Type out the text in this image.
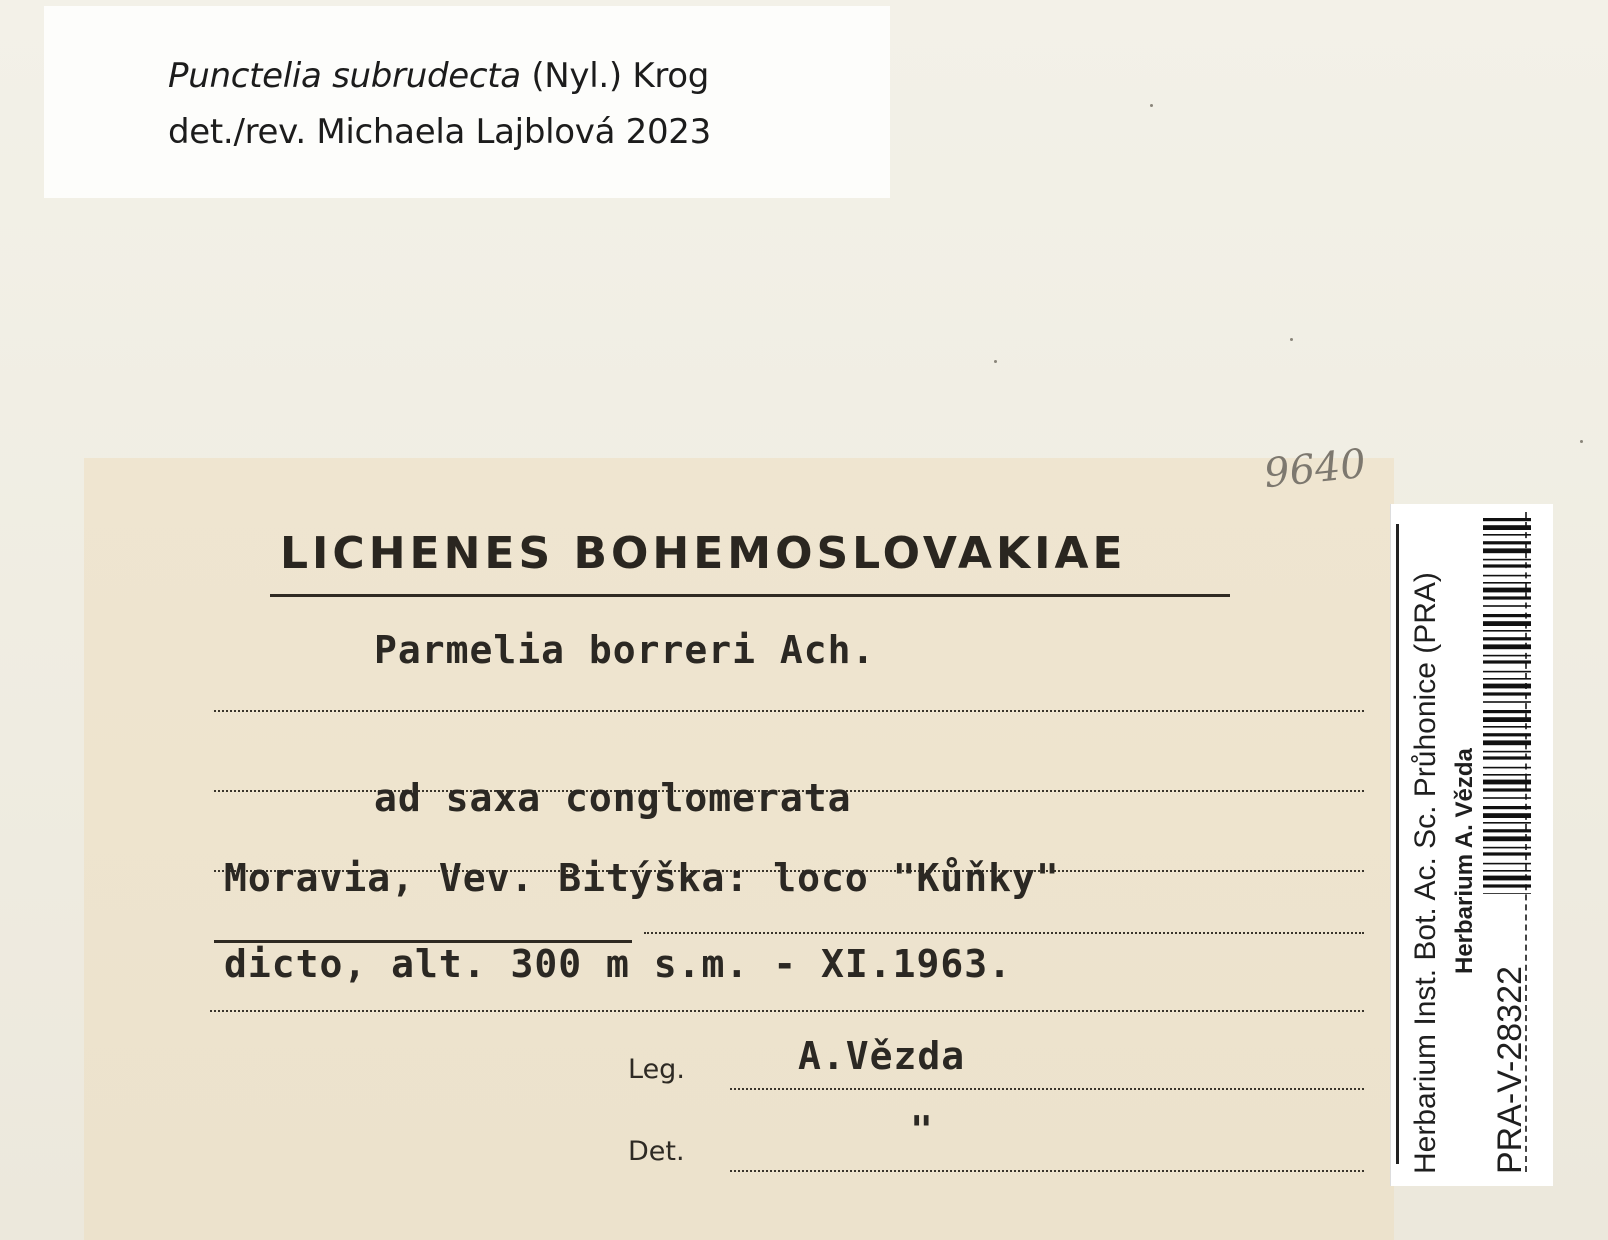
Punctelia subrudecta (Nyl.) Krog
det./rev. Michaela Lajblová 2023
9640
LICHENES BOHEMOSLOVAKIAE
Parmelia borreri Ach.
ad saxa conglomerata
Moravia, Vev. Bitýška: loco "Kůňky"
dicto, alt. 300 m s.m. - XI.1963.
Leg.	A.Vězda
Det.	"	Herbarium Inst. Bot. Ac. Sc. Průhonice (PRA) Herbarium A. Vězda
PRA-V-28322
